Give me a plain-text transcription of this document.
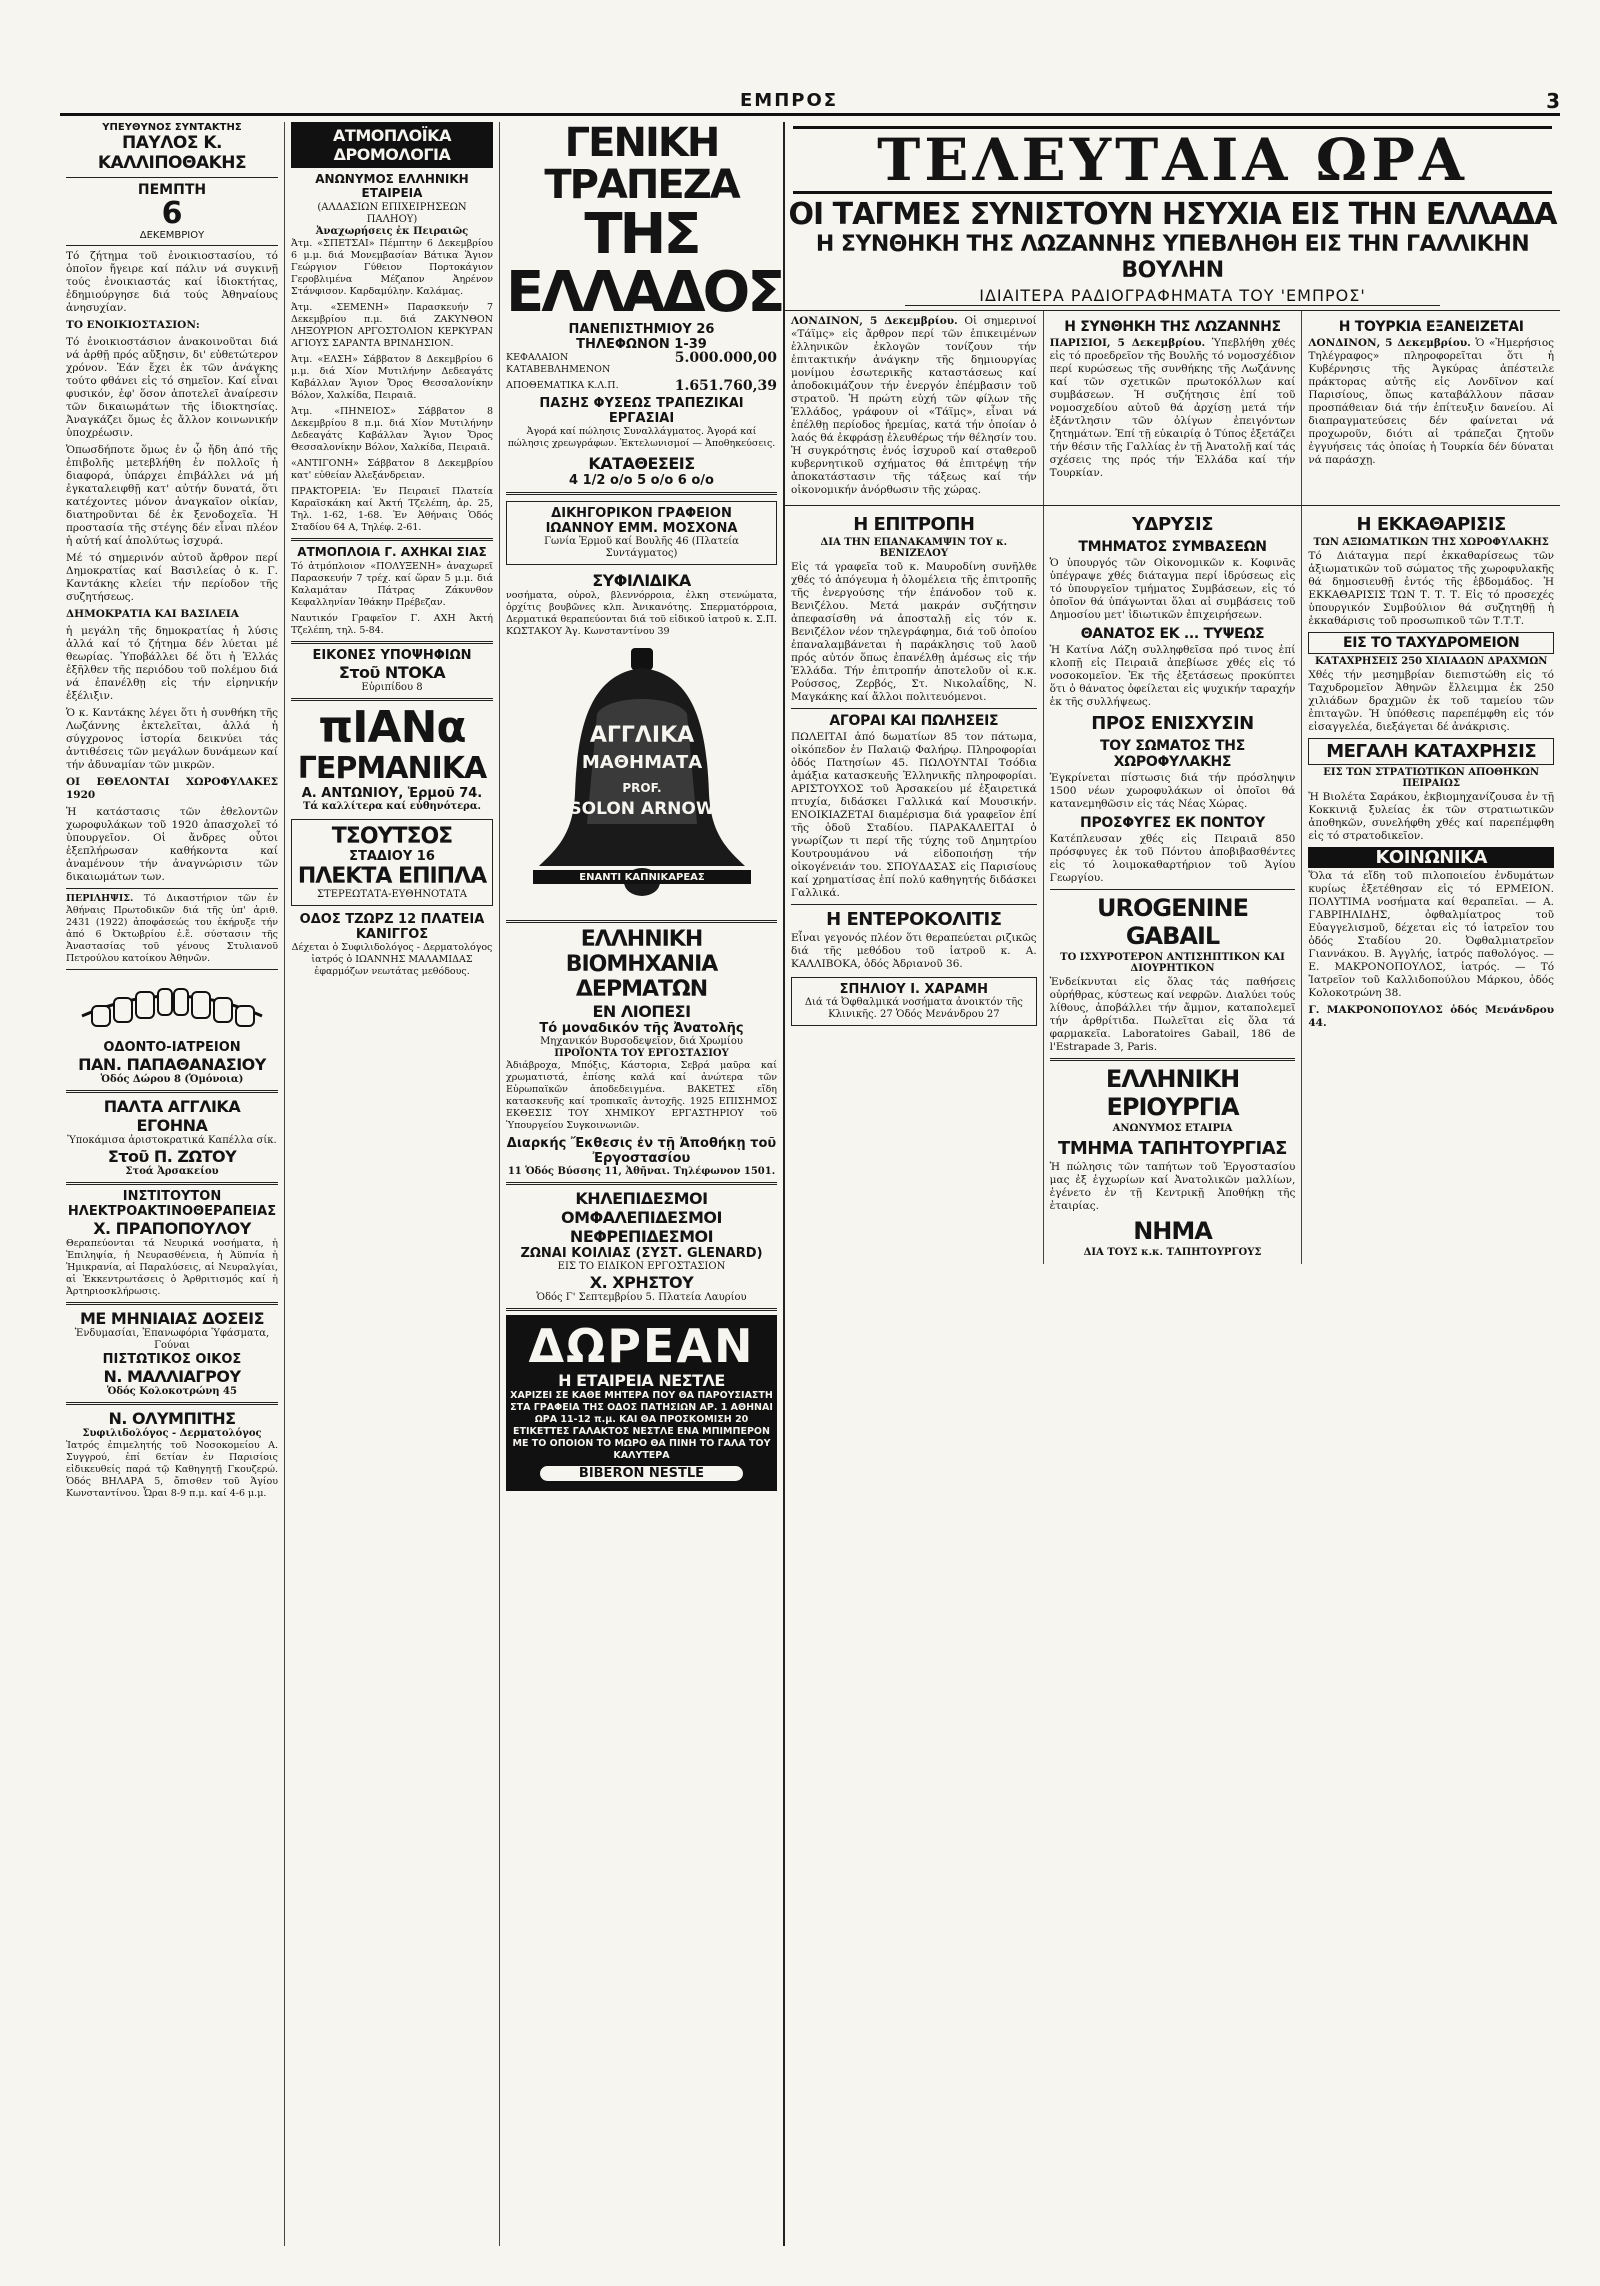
ΕΜΠΡΟΣ	3
ΥΠΕΥΘΥΝΟΣ ΣΥΝΤΑΚΤΗΣ
ΠΑΥΛΟΣ Κ. ΚΑΛΛΙΠΟΘΑΚΗΣ
ΠΕΜΠΤΗ
6
ΔΕΚΕΜΒΡΙΟΥ

Τό ζήτημα τοῦ ἐνοικιοστασίου, τό ὁποῖον ἤγειρε καί πάλιν νά συγκινῇ τούς ἐνοικιαστάς καί ἰδιοκτήτας, ἐδημιούργησε διά τούς Ἀθηναίους ἀνησυχίαν.

ΤΟ ΕΝΟΙΚΙΟΣΤΑΣΙΟΝ:

Τό ἐνοικιοστάσιον ἀνακοινοῦται διά νά ἀρθῇ πρός αὔξησιν, δι' εὐθετώτερον χρόνον. Ἐάν ἔχει ἐκ τῶν ἀνάγκης τούτο φθάνει εἰς τό σημεῖον. Καί εἶναι φυσικόν, ἐφ' ὅσον ἀποτελεῖ ἀναίρεσιν τῶν δικαιωμάτων τῆς ἰδιοκτησίας. Ἀναγκάζει ὅμως ἐς ἄλλον κοινωνικήν ὑποχρέωσιν.

Ὁπωσδήποτε ὅμως ἐν ᾧ ἤδη ἀπό τῆς ἐπιβολῆς μετεβλήθη ἐν πολλοῖς ἡ διαφορά, ὑπάρχει ἐπιβάλλει νά μή ἐγκαταλειφθῇ κατ' αὐτήν δυνατά, ὅτι κατέχοντες μόνον ἀναγκαῖον οἰκίαν, διατηροῦνται δέ ἐκ ξενοδοχεῖα. Ἡ προστασία τῆς στέγης δέν εἶναι πλέον ἡ αὐτή καί ἀπολύτως ἰσχυρά.

Μέ τό σημερινόν αὐτοῦ ἄρθρον περί Δημοκρατίας καί Βασιλείας ὁ κ. Γ. Καντάκης κλείει τήν περίοδον τῆς συζητήσεως.

ΔΗΜΟΚΡΑΤΙΑ ΚΑΙ ΒΑΣΙΛΕΙΑ

ἡ μεγάλη τῆς δημοκρατίας ἡ λύσις ἀλλά καί τό ζήτημα δέν λύεται μέ θεωρίας. Ὑποβάλλει δέ ὅτι ἡ Ἑλλάς ἐξῆλθεν τῆς περιόδου τοῦ πολέμου διά νά ἐπανέλθῃ εἰς τήν εἰρηνικήν ἐξέλιξιν.

Ὁ κ. Καντάκης λέγει ὅτι ἡ συνθήκη τῆς Λωζάννης ἐκτελεῖται, ἀλλά ἡ σύγχρονος ἱστορία δεικνύει τάς ἀντιθέσεις τῶν μεγάλων δυνάμεων καί τήν ἀδυναμίαν τῶν μικρῶν.

ΟΙ ΕΘΕΛΟΝΤΑΙ ΧΩΡΟΦΥΛΑΚΕΣ 1920

Ἡ κατάστασις τῶν ἐθελοντῶν χωροφυλάκων τοῦ 1920 ἀπασχολεῖ τό ὑπουργεῖον. Οἱ ἄνδρες οὗτοι ἐξεπλήρωσαν καθήκοντα καί ἀναμένουν τήν ἀναγνώρισιν τῶν δικαιωμάτων των.

ΠΕΡΙΛΗΨΙΣ. Τό Δικαστήριον τῶν ἐν Ἀθήναις Πρωτοδικῶν διά τῆς ὑπ' ἀριθ. 2431 (1922) ἀποφάσεώς του ἐκήρυξε τήν ἀπό 6 Ὀκτωβρίου ἐ.ἔ. σύστασιν τῆς Ἀναστασίας τοῦ γένους Στυλιανοῦ Πετρούλου κατοίκου Ἀθηνῶν.

ΟΔΟΝΤΟ-ΙΑΤΡΕΙΟΝ
ΠΑΝ. ΠΑΠΑΘΑΝΑΣΙΟΥ
Ὁδός Δώρου 8 (Ὁμόνοια)
ΠΑΛΤΑ ΑΓΓΛΙΚΑ ΕΓΟΗΝΑ
Ὑποκάμισα ἀριστοκρατικά Καπέλλα σίκ.
Στοῦ Π. ΖΩΤΟΥ
Στοά Ἀρσακείου
ΙΝΣΤΙΤΟΥΤΟΝ ΗΛΕΚΤΡΟΑΚΤΙΝΟΘΕΡΑΠΕΙΑΣ
Χ. ΠΡΑΠΟΠΟΥΛΟΥ

Θεραπεύονται τά Νευρικά νοσήματα, ἡ Ἐπιληψία, ἡ Νευρασθένεια, ἡ Ἀϋπνία ἡ Ἡμικρανία, αἱ Παραλύσεις, αἱ Νευραλγίαι, αἱ Ἐκκεντρωτάσεις ὁ Ἀρθριτισμός καί ἡ Ἀρτηριοσκλήρωσις.

ΜΕ ΜΗΝΙΑΙΑΣ ΔΟΣΕΙΣ
Ἐνδυμασίαι, Ἐπανωφόρια Ὑφάσματα, Γούναι
ΠΙΣΤΩΤΙΚΟΣ ΟΙΚΟΣ
Ν. ΜΑΛΛΙΑΓΡΟΥ
Ὁδός Κολοκοτρώνη 45
Ν. ΟΛΥΜΠΙΤΗΣ
Συφιλιδολόγος - Δερματολόγος

Ἰατρός ἐπιμελητής τοῦ Νοσοκομείου Α. Συγγρού, ἐπί 6ετίαν ἐν Παρισίοις εἰδικευθείς παρά τῷ Καθηγητῇ Γκουζερώ. Ὁδός ΒΗΛΑΡΑ 5, ὄπισθεν τοῦ Ἁγίου Κωνσταντίνου. Ὧραι 8-9 π.μ. καί 4-6 μ.μ.

ΑΤΜΟΠΛΟΪΚΑ ΔΡΟΜΟΛΟΓΙΑ
ΑΝΩΝΥΜΟΣ ΕΛΛΗΝΙΚΗ ΕΤΑΙΡΕΙΑ
(ΑΛΔΑΣΙΩΝ ΕΠΙΧΕΙΡΗΣΕΩΝ ΠΑΛΗΟΥ)
Ἀναχωρήσεις ἐκ Πειραιῶς

Ἀτμ. «ΣΠΕΤΣΑΙ» Πέμπτην 6 Δεκεμβρίου 6 μ.μ. διά Μονεμβασίαν Βάτικα Ἅγιον Γεώργιον Γύθειον Πορτοκάγιον Γεροβλιμένα Μέζαπον Ἀηρένον Στάνφισον. Καρδαμύλην. Καλάμας.

Ἀτμ. «ΣΕΜΕΝΗ» Παρασκευήν 7 Δεκεμβρίου π.μ. διά ΖΑΚΥΝΘΟΝ ΛΗΞΟΥΡΙΟΝ ΑΡΓΟΣΤΟΛΙΟΝ ΚΕΡΚΥΡΑΝ ΑΓΙΟΥΣ ΣΑΡΑΝΤΑ ΒΡΙΝΔΗΣΙΟΝ.

Ἀτμ. «ΕΛΣΗ» Σάββατον 8 Δεκεμβρίου 6 μ.μ. διά Χίον Μυτιλήνην Δεδεαγάτς Καβάλλαν Ἅγιον Ὄρος Θεσσαλονίκην Βόλον, Χαλκίδα, Πειραιᾶ.

Ἀτμ. «ΠΗΝΕΙΟΣ» Σάββατον 8 Δεκεμβρίου 8 π.μ. διά Χίον Μυτιλήνην Δεδεαγάτς Καβάλλαν Ἅγιον Ὄρος Θεσσαλονίκην Βόλον, Χαλκίδα, Πειραιᾶ.

«ΑΝΤΙΓΟΝΗ» Σάββατον 8 Δεκεμβρίου κατ' εὐθείαν Ἀλεξάνδρειαν.

ΠΡΑΚΤΟΡΕΙΑ: Ἐν Πειραιεῖ Πλατεία Καραϊσκάκη καί Ἀκτή Τζελέπη, ἀρ. 25, Τηλ. 1-62, 1-68. Ἐν Ἀθήναις Ὁδός Σταδίου 64 Α, Τηλέφ. 2-61.

ΑΤΜΟΠΛΟΙΑ Γ. ΑΧΗΚΑΙ ΣΙΑΣ

Τό ἀτμόπλοιον «ΠΟΛΥΞΕΝΗ» ἀναχωρεῖ Παρασκευήν 7 τρέχ. καί ὥραν 5 μ.μ. διά Καλαμάταν Πάτρας Ζάκυνθον Κεφαλληνίαν Ἰθάκην Πρέβεζαν.

Ναυτικόν Γραφεῖον Γ. ΑΧΗ Ἀκτή Τζελέπη, τηλ. 5-84.

ΕΙΚΟΝΕΣ ΥΠΟΨΗΦΙΩΝ
Στοῦ ΝΤΟΚΑ
Εὐριπίδου 8
πΙΑΝα
ΓΕΡΜΑΝΙΚΑ
Α. ΑΝΤΩΝΙΟΥ, Ἑρμοῦ 74.
Τά καλλίτερα καί εὐθηνότερα.
ΤΣΟΥΤΣΟΣ
ΣΤΑΔΙΟΥ 16
ΠΛΕΚΤΑ ΕΠΙΠΛΑ
ΣΤΕΡΕΩΤΑΤΑ-ΕΥΘΗΝΟΤΑΤΑ
ΟΔΟΣ ΤΖΩΡΖ 12 ΠΛΑΤΕΙΑ ΚΑΝΙΓΓΟΣ

Δέχεται ὁ Συφιλιδολόγος - Δερματολόγος ἰατρός ὁ ΙΩΑΝΝΗΣ ΜΑΛΑΜΙΔΑΣ ἐφαρμόζων νεωτάτας μεθόδους.

ΓΕΝΙΚΗ ΤΡΑΠΕΖΑ
ΤΗΣ ΕΛΛΑΔΟΣ
ΠΑΝΕΠΙΣΤΗΜΙΟΥ 26
ΤΗΛΕΦΩΝΟΝ 1-39
ΚΕΦΑΛΑΙΟΝ ΚΑΤΑΒΕΒΛΗΜΕΝΟΝ
5.000.000,00
ΑΠΟΘΕΜΑΤΙΚΑ Κ.Λ.Π.	1.651.760,39
ΠΑΣΗΣ ΦΥΣΕΩΣ ΤΡΑΠΕΖΙΚΑΙ ΕΡΓΑΣΙΑΙ

Ἀγορά καί πώλησις Συναλλάγματος. Ἀγορά καί πώλησις χρεωγράφων. Ἐκτελωνισμοί — Ἀποθηκεύσεις.

ΚΑΤΑΘΕΣΕΙΣ
4 1/2 ο/ο 5 ο/ο 6 ο/ο
ΔΙΚΗΓΟΡΙΚΟΝ ΓΡΑΦΕΙΟΝ
ΙΩΑΝΝΟΥ ΕΜΜ. ΜΟΣΧΟΝΑ
Γωνία Ἑρμοῦ καί Βουλῆς 46 (Πλατεία Συντάγματος)
ΣΥΦΙΛΙΔΙΚΑ

νοσήματα, οὐρολ, βλεννόρροια, ἐλκη στενώματα, ὀρχίτις βουβῶνες κλπ. Ἀνικανότης. Σπερματόρροια, Δερματικά θεραπεύονται διά τοῦ εἰδικοῦ ἰατροῦ κ. Σ.Π. ΚΩΣΤΑΚΟΥ Ἀγ. Κωνσταντίνου 39

ΑΓΓΛΙΚΑ
ΜΑΘΗΜΑΤΑ
PROF.
SOLON ARNOW
ΕΝΑΝΤΙ ΚΑΠΝΙΚΑΡΕΑΣ
ΕΛΛΗΝΙΚΗ ΒΙΟΜΗΧΑΝΙΑ ΔΕΡΜΑΤΩΝ
ΕΝ ΛΙΟΠΕΣΙ
Τό μοναδικόν τῆς Ἀνατολῆς
Μηχανικόν Βυρσοδεψεῖον, διά Χρωμίου
ΠΡΟΪΟΝΤΑ ΤΟΥ ΕΡΓΟΣΤΑΣΙΟΥ

Ἀδιάβροχα, Μπόξις, Κάστορια, Σεβρά μαῦρα καί χρωματιστά, ἐπίσης καλά καί ἀνώτερα τῶν Εὐρωπαϊκῶν ἀποδεδειγμένα. ΒΑΚΕΤΕΣ εἴδη κατασκευῆς καί τροπικαῖς ἀντοχῆς. 1925 ΕΠΙΣΗΜΟΣ ΕΚΘΕΣΙΣ ΤΟΥ ΧΗΜΙΚΟΥ ΕΡΓΑΣΤΗΡΙΟΥ τοῦ Ὑπουργείου Συγκοινωνιῶν.

Διαρκής Ἔκθεσις ἐν τῇ Ἀποθήκῃ τοῦ Ἐργοστασίου
11 Ὁδός Βύσσης 11, Ἀθῆναι. Τηλέφωνον 1501.
ΚΗΛΕΠΙΔΕΣΜΟΙ
ΟΜΦΑΛΕΠΙΔΕΣΜΟΙ
ΝΕΦΡΕΠΙΔΕΣΜΟΙ
ΖΩΝΑΙ ΚΟΙΛΙΑΣ (ΣΥΣΤ. GLENARD)
ΕΙΣ ΤΟ ΕΙΔΙΚΟΝ ΕΡΓΟΣΤΑΣΙΟΝ
Χ. ΧΡΗΣΤΟΥ
Ὁδός Γ' Σεπτεμβρίου 5. Πλατεία Λαυρίου
ΔΩΡΕΑΝ
Η ΕΤΑΙΡΕΙΑ ΝΕΣΤΛΕ

ΧΑΡΙΖΕΙ ΣΕ ΚΑΘΕ ΜΗΤΕΡΑ ΠΟΥ ΘΑ ΠΑΡΟΥΣΙΑΣΤΗ ΣΤΑ ΓΡΑΦΕΙΑ ΤΗΣ ΟΔΟΣ ΠΑΤΗΣΙΩΝ ΑΡ. 1 ΑΘΗΝΑΙ ΩΡΑ 11-12 π.μ. ΚΑΙ ΘΑ ΠΡΟΣΚΟΜΙΣΗ 20 ΕΤΙΚΕΤΤΕΣ ΓΑΛΑΚΤΟΣ ΝΕΣΤΛΕ ΕΝΑ ΜΠΙΜΠΕΡΟΝ ΜΕ ΤΟ ΟΠΟΙΟΝ ΤΟ ΜΩΡΟ ΘΑ ΠΙΝΗ ΤΟ ΓΑΛΑ ΤΟΥ ΚΑΛΥΤΕΡΑ

BIBERON NESTLE
ΤΕΛΕΥΤΑΙΑ ΩΡΑ
ΟΙ ΤΑΓΜΕΣ ΣΥΝΙΣΤΟΥΝ ΗΣΥΧΙΑ ΕΙΣ ΤΗΝ ΕΛΛΑΔΑ
Η ΣΥΝΘΗΚΗ ΤΗΣ ΛΩΖΑΝΝΗΣ ΥΠΕΒΛΗΘΗ ΕΙΣ ΤΗΝ ΓΑΛΛΙΚΗΝ ΒΟΥΛΗΝ
ΙΔΙΑΙΤΕΡΑ ΡΑΔΙΟΓΡΑΦΗΜΑΤΑ ΤΟΥ 'ΕΜΠΡΟΣ'

ΛΟΝΔΙΝΟΝ, 5 Δεκεμβρίου. Οἱ σημερινοί «Τάϊμς» εἰς ἄρθρον περί τῶν ἐπικειμένων ἑλληνικῶν ἐκλογῶν τονίζουν τήν ἐπιτακτικήν ἀνάγκην τῆς δημιουργίας μονίμου ἐσωτερικῆς καταστάσεως καί ἀποδοκιμάζουν τήν ἐνεργόν ἐπέμβασιν τοῦ στρατοῦ. Ἡ πρώτη εὐχή τῶν φίλων τῆς Ἑλλάδος, γράφουν οἱ «Τάϊμς», εἶναι νά ἐπέλθῃ περίοδος ἠρεμίας, κατά τήν ὁποίαν ὁ λαός θά ἐκφράσῃ ἐλευθέρως τήν θέλησίν του. Ἡ συγκρότησις ἑνός ἰσχυροῦ καί σταθεροῦ κυβερνητικοῦ σχήματος θά ἐπιτρέψῃ τήν ἀποκατάστασιν τῆς τάξεως καί τήν οἰκονομικήν ἀνόρθωσιν τῆς χώρας.

Η ΣΥΝΘΗΚΗ ΤΗΣ ΛΩΖΑΝΝΗΣ

ΠΑΡΙΣΙΟΙ, 5 Δεκεμβρίου. Ὑπεβλήθη χθές εἰς τό προεδρεῖον τῆς Βουλῆς τό νομοσχέδιον περί κυρώσεως τῆς συνθήκης τῆς Λωζάννης καί τῶν σχετικῶν πρωτοκόλλων καί συμβάσεων. Ἡ συζήτησις ἐπί τοῦ νομοσχεδίου αὐτοῦ θά ἀρχίσῃ μετά τήν ἐξάντλησιν τῶν ὀλίγων ἐπειγόντων ζητημάτων. Ἐπί τῇ εὐκαιρίᾳ ὁ Τύπος ἐξετάζει τήν θέσιν τῆς Γαλλίας ἐν τῇ Ἀνατολῇ καί τάς σχέσεις της πρός τήν Ἑλλάδα καί τήν Τουρκίαν.

Η ΤΟΥΡΚΙΑ ΕΞΑΝΕΙΖΕΤΑΙ

ΛΟΝΔΙΝΟΝ, 5 Δεκεμβρίου. Ὁ «Ἡμερήσιος Τηλέγραφος» πληροφορεῖται ὅτι ἡ Κυβέρνησις τῆς Ἀγκύρας ἀπέστειλε πράκτορας αὐτῆς εἰς Λονδῖνον καί Παρισίους, ὅπως καταβάλλουν πᾶσαν προσπάθειαν διά τήν ἐπίτευξιν δανείου. Αἱ διαπραγματεύσεις δέν φαίνεται νά προχωροῦν, διότι αἱ τράπεζαι ζητοῦν ἐγγυήσεις τάς ὁποίας ἡ Τουρκία δέν δύναται νά παράσχῃ.

Η ΕΠΙΤΡΟΠΗ
ΔΙΑ ΤΗΝ ΕΠΑΝΑΚΑΜΨΙΝ ΤΟΥ κ. ΒΕΝΙΖΕΛΟΥ

Εἰς τά γραφεῖα τοῦ κ. Μαυροδίνη συνῆλθε χθές τό ἀπόγευμα ἡ ὁλομέλεια τῆς ἐπιτροπῆς τῆς ἐνεργούσης τήν ἐπάνοδον τοῦ κ. Βενιζέλου. Μετά μακράν συζήτησιν ἀπεφασίσθη νά ἀποσταλῇ εἰς τόν κ. Βενιζέλον νέον τηλεγράφημα, διά τοῦ ὁποίου ἐπαναλαμβάνεται ἡ παράκλησις τοῦ λαοῦ πρός αὐτόν ὅπως ἐπανέλθῃ ἀμέσως εἰς τήν Ἑλλάδα. Τήν ἐπιτροπήν ἀποτελοῦν οἱ κ.κ. Ρούσσος, Ζερβός, Στ. Νικολαΐδης, Ν. Μαγκάκης καί ἄλλοι πολιτευόμενοι.

ΑΓΟΡΑΙ ΚΑΙ ΠΩΛΗΣΕΙΣ

ΠΩΛΕΙΤΑΙ ἀπό δωματίων 85 τον πάτωμα, οἰκόπεδον ἐν Παλαιῷ Φαλήρῳ. Πληροφορίαι ὁδός Πατησίων 45. ΠΩΛΟΥΝΤΑΙ Τσόδια ἀμάξια κατασκευῆς Ἑλληνικῆς πληροφορίαι. ΑΡΙΣΤΟΥΧΟΣ τοῦ Ἀρσακείου μέ ἐξαιρετικά πτυχία, διδάσκει Γαλλικά καί Μουσικήν. ΕΝΟΙΚΙΑΖΕΤΑΙ διαμέρισμα διά γραφεῖον ἐπί τῆς ὁδοῦ Σταδίου. ΠΑΡΑΚΑΛΕΙΤΑΙ ὁ γνωρίζων τι περί τῆς τύχης τοῦ Δημητρίου Κουτρουμάνου νά εἰδοποιήσῃ τήν οἰκογένειάν του. ΣΠΟΥΔΑΣΑΣ εἰς Παρισίους καί χρηματίσας ἐπί πολύ καθηγητής διδάσκει Γαλλικά.

Η ΕΝΤΕΡΟΚΟΛΙΤΙΣ

Εἶναι γεγονός πλέον ὅτι θεραπεύεται ριζικῶς διά τῆς μεθόδου τοῦ ἰατροῦ κ. Α. ΚΑΛΛΙΒΟΚΑ, ὁδός Ἀδριανοῦ 36.

ΣΠΗΛΙΟΥ Ι. ΧΑΡΑΜΗ
Διά τά Ὀφθαλμικά νοσήματα ἀνοικτόν τῆς Κλινικῆς. 27 Ὁδός Μενάνδρου 27
ΥΔΡΥΣΙΣ
ΤΜΗΜΑΤΟΣ ΣΥΜΒΑΣΕΩΝ

Ὁ ὑπουργός τῶν Οἰκονομικῶν κ. Κοφινᾶς ὑπέγραψε χθές διάταγμα περί ἱδρύσεως εἰς τό ὑπουργεῖον τμήματος Συμβάσεων, εἰς τό ὁποῖον θά ὑπάγωνται ὅλαι αἱ συμβάσεις τοῦ Δημοσίου μετ' ἰδιωτικῶν ἐπιχειρήσεων.

ΘΑΝΑΤΟΣ ΕΚ ... ΤΥΨΕΩΣ

Ἡ Κατίνα Λάζη συλληφθεῖσα πρό τινος ἐπί κλοπῇ εἰς Πειραιᾶ ἀπεβίωσε χθές εἰς τό νοσοκομεῖον. Ἐκ τῆς ἐξετάσεως προκύπτει ὅτι ὁ θάνατος ὀφείλεται εἰς ψυχικήν ταραχήν ἐκ τῆς συλλήψεως.

ΠΡΟΣ ΕΝΙΣΧΥΣΙΝ
ΤΟΥ ΣΩΜΑΤΟΣ ΤΗΣ ΧΩΡΟΦΥΛΑΚΗΣ

Ἐγκρίνεται πίστωσις διά τήν πρόσληψιν 1500 νέων χωροφυλάκων οἱ ὁποῖοι θά κατανεμηθῶσιν εἰς τάς Νέας Χώρας.

ΠΡΟΣΦΥΓΕΣ ΕΚ ΠΟΝΤΟΥ

Κατέπλευσαν χθές εἰς Πειραιᾶ 850 πρόσφυγες ἐκ τοῦ Πόντου ἀποβιβασθέντες εἰς τό λοιμοκαθαρτήριον τοῦ Ἁγίου Γεωργίου.

UROGENINE GABAIL
ΤΟ ΙΣΧΥΡΟΤΕΡΟΝ ΑΝΤΙΣΗΠΤΙΚΟΝ ΚΑΙ ΔΙΟΥΡΗΤΙΚΟΝ

Ἐνδείκνυται εἰς ὅλας τάς παθήσεις οὐρήθρας, κύστεως καί νεφρῶν. Διαλύει τούς λίθους, ἀποβάλλει τήν ἄμμον, καταπολεμεῖ τήν ἀρθρίτιδα. Πωλεῖται εἰς ὅλα τά φαρμακεῖα. Laboratoires Gabail, 186 de l'Estrapade 3, Paris.

ΕΛΛΗΝΙΚΗ ΕΡΙΟΥΡΓΙΑ
ΑΝΩΝΥΜΟΣ ΕΤΑΙΡΙΑ
ΤΜΗΜΑ ΤΑΠΗΤΟΥΡΓΙΑΣ

Ἡ πώλησις τῶν ταπήτων τοῦ Ἐργοστασίου μας ἐξ ἐγχωρίων καί Ἀνατολικῶν μαλλίων, ἐγένετο ἐν τῇ Κεντρικῇ Ἀποθήκῃ τῆς ἑταιρίας.

ΝΗΜΑ
ΔΙΑ ΤΟΥΣ κ.κ. ΤΑΠΗΤΟΥΡΓΟΥΣ
Η ΕΚΚΑΘΑΡΙΣΙΣ
ΤΩΝ ΑΞΙΩΜΑΤΙΚΩΝ ΤΗΣ ΧΩΡΟΦΥΛΑΚΗΣ

Τό Διάταγμα περί ἐκκαθαρίσεως τῶν ἀξιωματικῶν τοῦ σώματος τῆς χωροφυλακῆς θά δημοσιευθῇ ἐντός τῆς ἑβδομάδος. Ἡ ΕΚΚΑΘΑΡΙΣΙΣ ΤΩΝ Τ. Τ. Τ. Εἰς τό προσεχές ὑπουργικόν Συμβούλιον θά συζητηθῇ ἡ ἐκκαθάρισις τοῦ προσωπικοῦ τῶν Τ.Τ.Τ.

ΕΙΣ ΤΟ ΤΑΧΥΔΡΟΜΕΙΟΝ
ΚΑΤΑΧΡΗΣΕΙΣ 250 ΧΙΛΙΑΔΩΝ ΔΡΑΧΜΩΝ

Χθές τήν μεσημβρίαν διεπιστώθη εἰς τό Ταχυδρομεῖον Ἀθηνῶν ἔλλειμμα ἐκ 250 χιλιάδων δραχμῶν ἐκ τοῦ ταμείου τῶν ἐπιταγῶν. Ἡ ὑπόθεσις παρεπέμφθη εἰς τόν εἰσαγγελέα, διεξάγεται δέ ἀνάκρισις.

ΜΕΓΑΛΗ ΚΑΤΑΧΡΗΣΙΣ
ΕΙΣ ΤΩΝ ΣΤΡΑΤΙΩΤΙΚΩΝ ΑΠΟΘΗΚΩΝ ΠΕΙΡΑΙΩΣ

Ἡ Βιολέτα Σαράκου, ἐκβιομηχανίζουσα ἐν τῇ Κοκκινιᾷ ξυλείας ἐκ τῶν στρατιωτικῶν ἀποθηκῶν, συνελήφθη χθές καί παρεπέμφθη εἰς τό στρατοδικεῖον.

ΚΟΙΝΩΝΙΚΑ

Ὅλα τά εἴδη τοῦ πιλοποιείου ἐνδυμάτων κυρίως ἐξετέθησαν εἰς τό ΕΡΜΕΙΟΝ. ΠΟΛΥΤΙΜΑ νοσήματα καί θεραπεῖαι. — Α. ΓΑΒΡΙΗΛΙΔΗΣ, ὀφθαλμίατρος τοῦ Εὐαγγελισμοῦ, δέχεται εἰς τό ἰατρεῖον του ὁδός Σταδίου 20. Ὀφθαλμιατρεῖον Γιαννάκου. Β. Ἀγγλής, ἰατρός παθολόγος. — Ε. ΜΑΚΡΟΝΟΠΟΥΛΟΣ, ἰατρός. — Τό Ἰατρεῖον τοῦ Καλλιδοπούλου Μάρκου, ὁδός Κολοκοτρώνη 38.

Γ. ΜΑΚΡΟΝΟΠΟΥΛΟΣ ὁδός Μενάνδρου 44.
